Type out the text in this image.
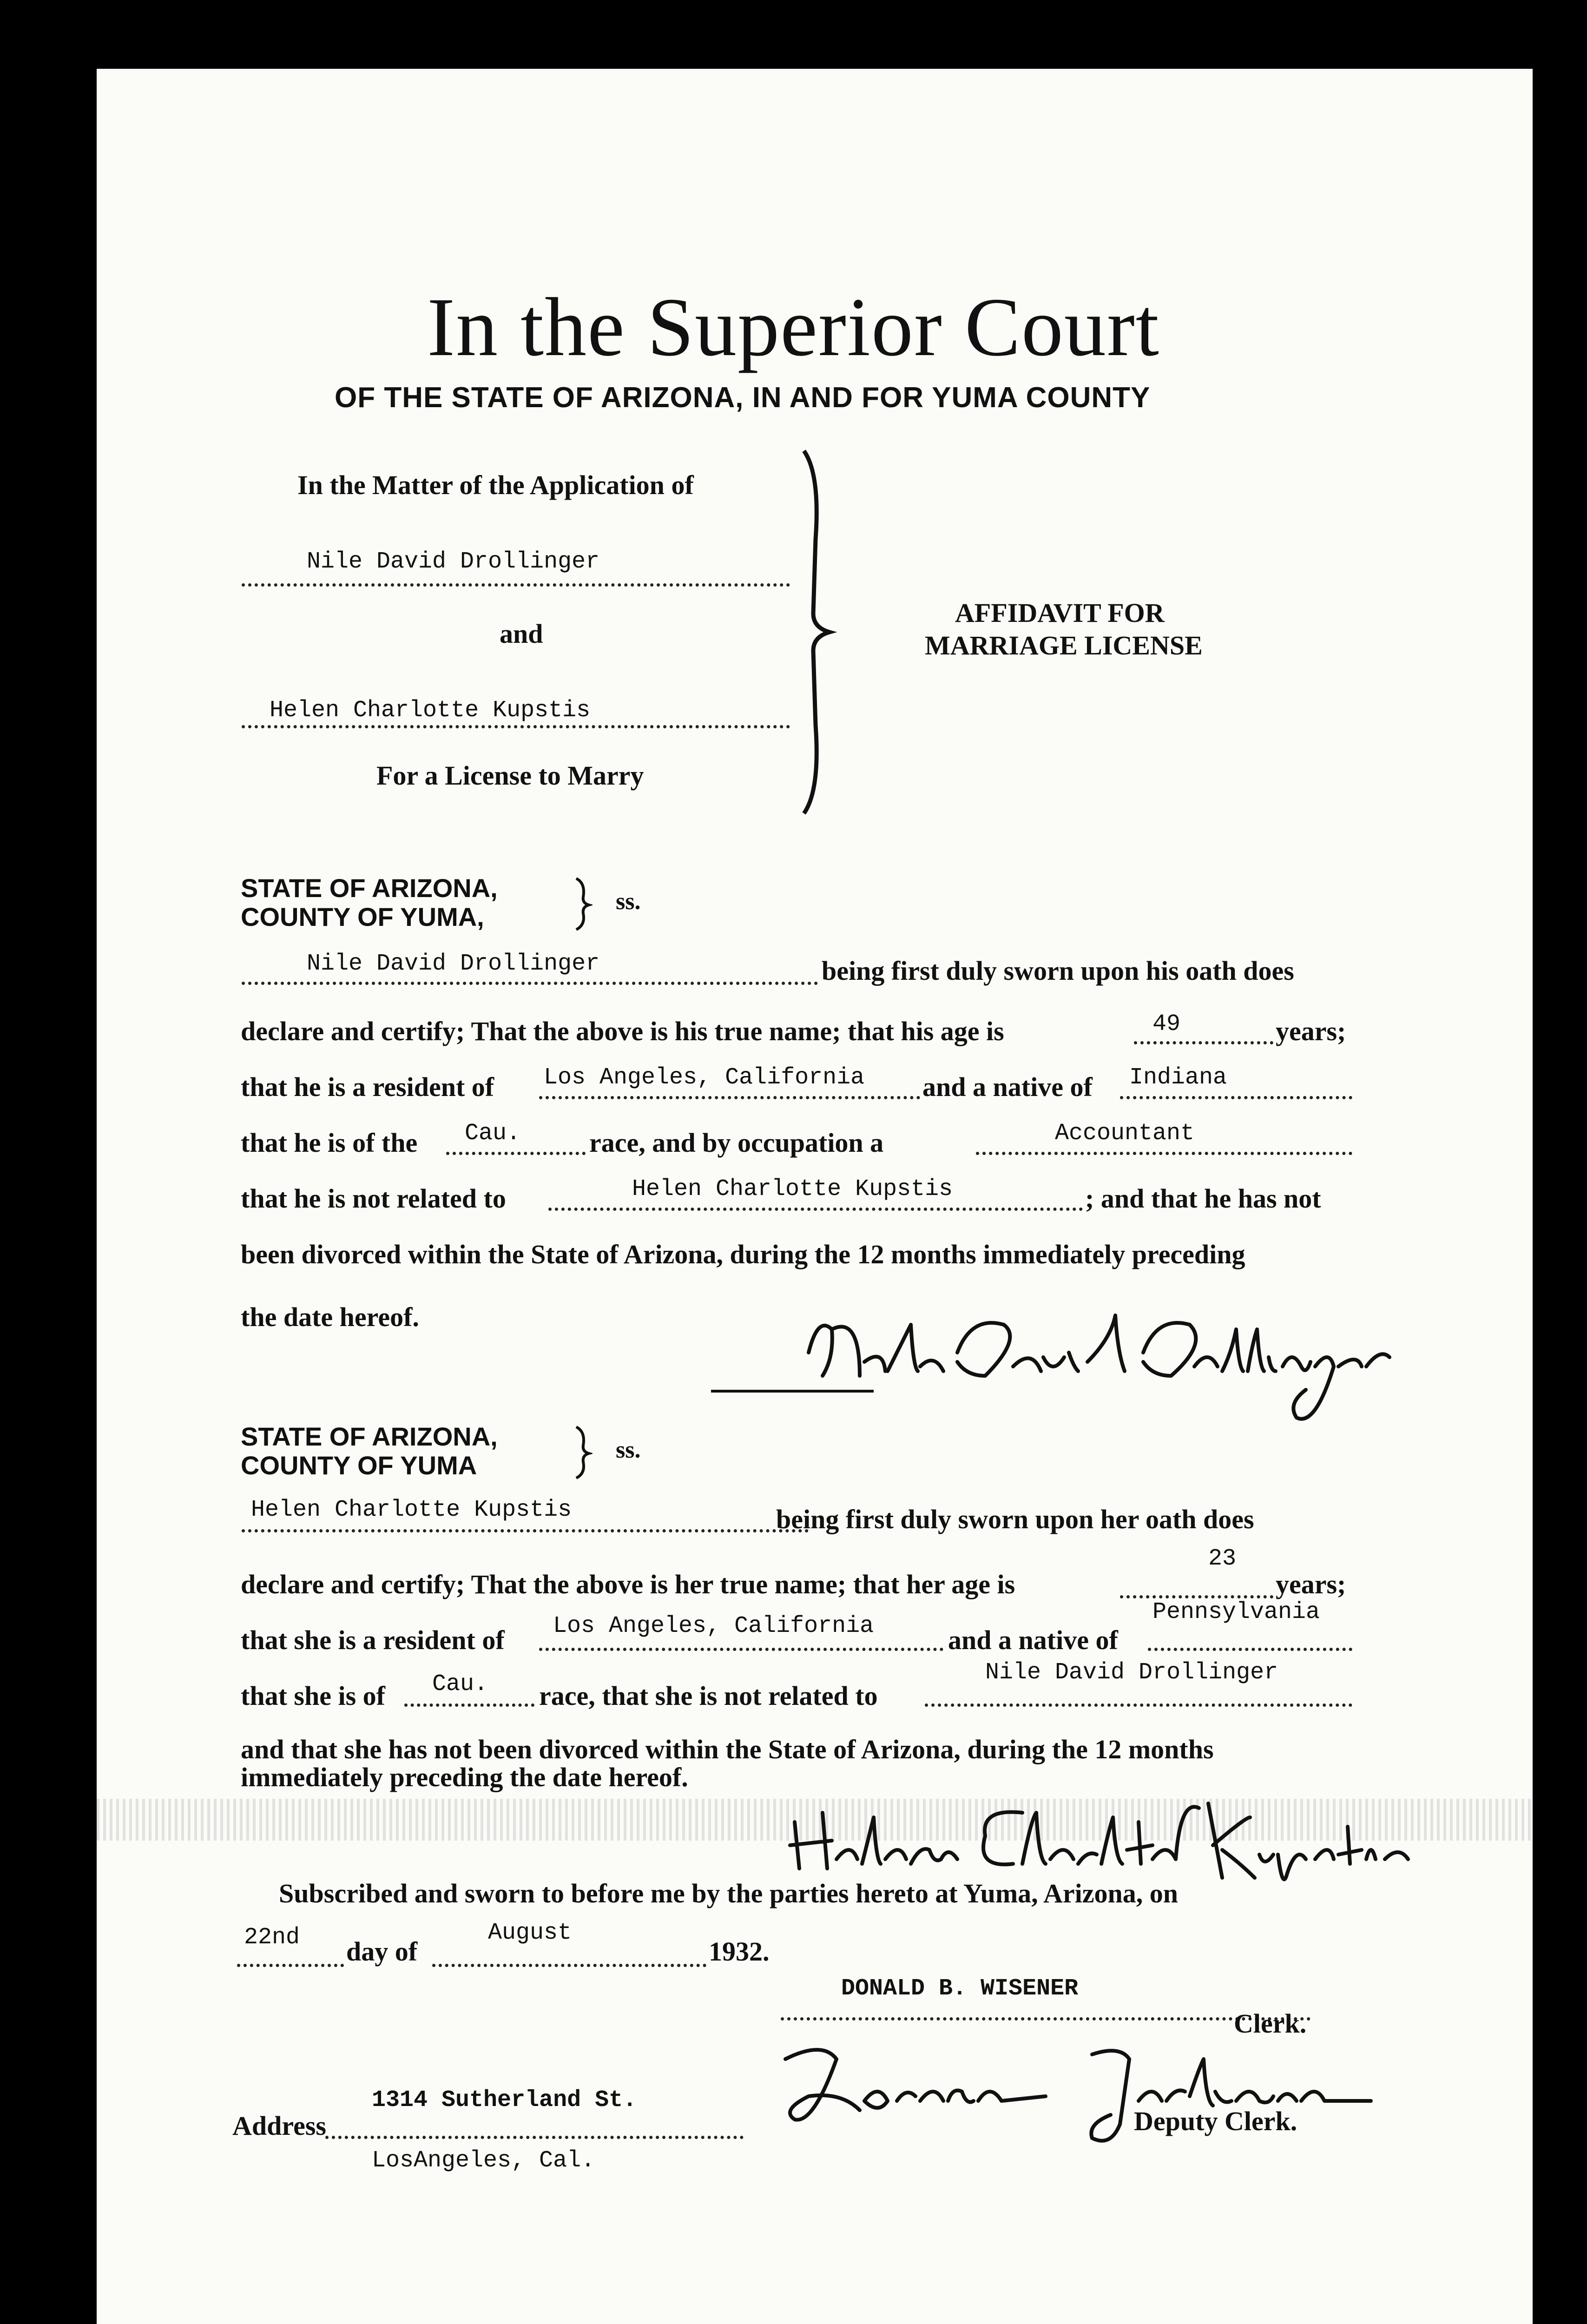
In the Superior Court
OF THE STATE OF ARIZONA, IN AND FOR YUMA COUNTY
In the Matter of the Application of
Nile David Drollinger
and
Helen Charlotte Kupstis
For a License to Marry
AFFIDAVIT FOR
MARRIAGE LICENSE
STATE OF ARIZONA,
COUNTY OF YUMA,
ss.
Nile David Drollinger	being first duly sworn upon his oath does
declare and certify; That the above is his true name; that his age is	49	years;
that he is a resident of Los Angeles, California and a native of Indiana
that he is of the Cau.	race, and by occupation a	Accountant
that he is not related to	Helen Charlotte Kupstis	; and that he has not
been divorced within the State of Arizona, during the 12 months immediately preceding
the date hereof.
STATE OF ARIZONA,
COUNTY OF YUMA
ss.
Helen Charlotte Kupstis	being first duly sworn upon her oath does
declare and certify; That the above is her true name; that her age is
23
years;
that she is a resident of Los Angeles, California	and a native of
Pennsylvania
that she is of Cau. race, that she is not related to
Nile David Drollinger
and that she has not been divorced within the State of Arizona, during the 12 months
immediately preceding the date hereof.
Subscribed and sworn to before me by the parties hereto at Yuma, Arizona, on
22nd day of
August
1932.
DONALD B. WISENER
Clerk.
Deputy Clerk.
Address
1314 Sutherland St.
LosAngeles, Cal.
